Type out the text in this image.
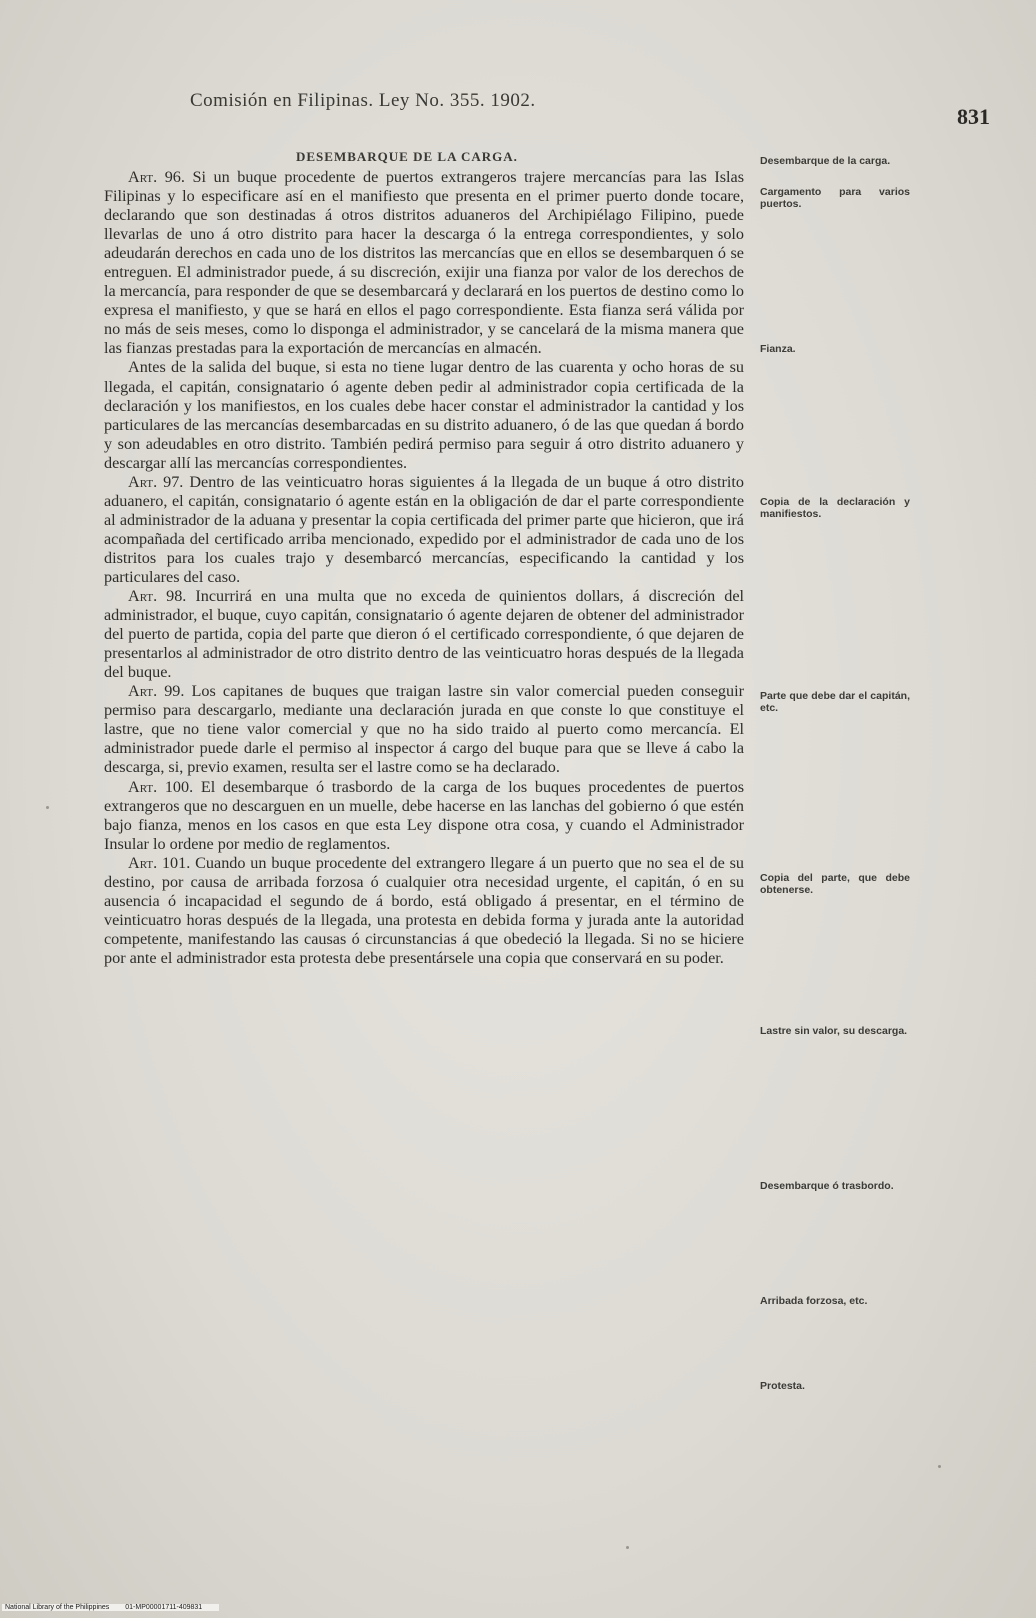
Comisión en Filipinas. Ley No. 355. 1902.
831
DESEMBARQUE DE LA CARGA.

Art. 96. Si un buque procedente de puertos extrangeros trajere mercancías para las Islas Filipinas y lo especificare así en el manifiesto que presenta en el primer puerto donde tocare, declarando que son destinadas á otros distritos aduaneros del Archipiélago Filipino, puede llevarlas de uno á otro distrito para hacer la descarga ó la entrega correspondientes, y solo adeudarán derechos en cada uno de los distritos las mercancías que en ellos se desembarquen ó se entreguen. El administrador puede, á su discreción, exijir una fianza por valor de los derechos de la mercancía, para responder de que se desembarcará y declarará en los puertos de destino como lo expresa el manifiesto, y que se hará en ellos el pago correspondiente. Esta fianza será válida por no más de seis meses, como lo disponga el administrador, y se cancelará de la misma manera que las fianzas prestadas para la exportación de mercancías en almacén.

Antes de la salida del buque, si esta no tiene lugar dentro de las cuarenta y ocho horas de su llegada, el capitán, consignatario ó agente deben pedir al administrador copia certificada de la declaración y los manifiestos, en los cuales debe hacer constar el administrador la cantidad y los particulares de las mercancías desembarcadas en su distrito aduanero, ó de las que quedan á bordo y son adeudables en otro distrito. También pedirá permiso para seguir á otro distrito aduanero y descargar allí las mercancías correspondientes.

Art. 97. Dentro de las veinticuatro horas siguientes á la llegada de un buque á otro distrito aduanero, el capitán, consignatario ó agente están en la obligación de dar el parte correspondiente al administrador de la aduana y presentar la copia certificada del primer parte que hicieron, que irá acompañada del certificado arriba mencionado, expedido por el administrador de cada uno de los distritos para los cuales trajo y desembarcó mercancías, especificando la cantidad y los particulares del caso.

Art. 98. Incurrirá en una multa que no exceda de quinientos dollars, á discreción del administrador, el buque, cuyo capitán, consignatario ó agente dejaren de obtener del administrador del puerto de partida, copia del parte que dieron ó el certificado correspondiente, ó que dejaren de presentarlos al administrador de otro distrito dentro de las veinticuatro horas después de la llegada del buque.

Art. 99. Los capitanes de buques que traigan lastre sin valor comercial pueden conseguir permiso para descargarlo, mediante una declaración jurada en que conste lo que constituye el lastre, que no tiene valor comercial y que no ha sido traido al puerto como mercancía. El administrador puede darle el permiso al inspector á cargo del buque para que se lleve á cabo la descarga, si, previo examen, resulta ser el lastre como se ha declarado.

Art. 100. El desembarque ó trasbordo de la carga de los buques procedentes de puertos extrangeros que no descarguen en un muelle, debe hacerse en las lanchas del gobierno ó que estén bajo fianza, menos en los casos en que esta Ley dispone otra cosa, y cuando el Administrador Insular lo ordene por medio de reglamentos.

Art. 101. Cuando un buque procedente del extrangero llegare á un puerto que no sea el de su destino, por causa de arribada forzosa ó cualquier otra necesidad urgente, el capitán, ó en su ausencia ó incapacidad el segundo de á bordo, está obligado á presentar, en el término de veinticuatro horas después de la llegada, una protesta en debida forma y jurada ante la autoridad competente, manifestando las causas ó circunstancias á que obedeció la llegada. Si no se hiciere por ante el administrador esta protesta debe presentársele una copia que conservará en su poder.

Desembarque de la carga.
Cargamento para varios puertos.
Fianza.
Copia de la declaración y manifiestos.
Parte que debe dar el capitán, etc.
Copia del parte, que debe obtenerse.
Lastre sin valor, su descarga.
Desembarque ó trasbordo.
Arribada forzosa, etc.
Protesta.
National Library of the Philippines 01-MP00001711-409831
